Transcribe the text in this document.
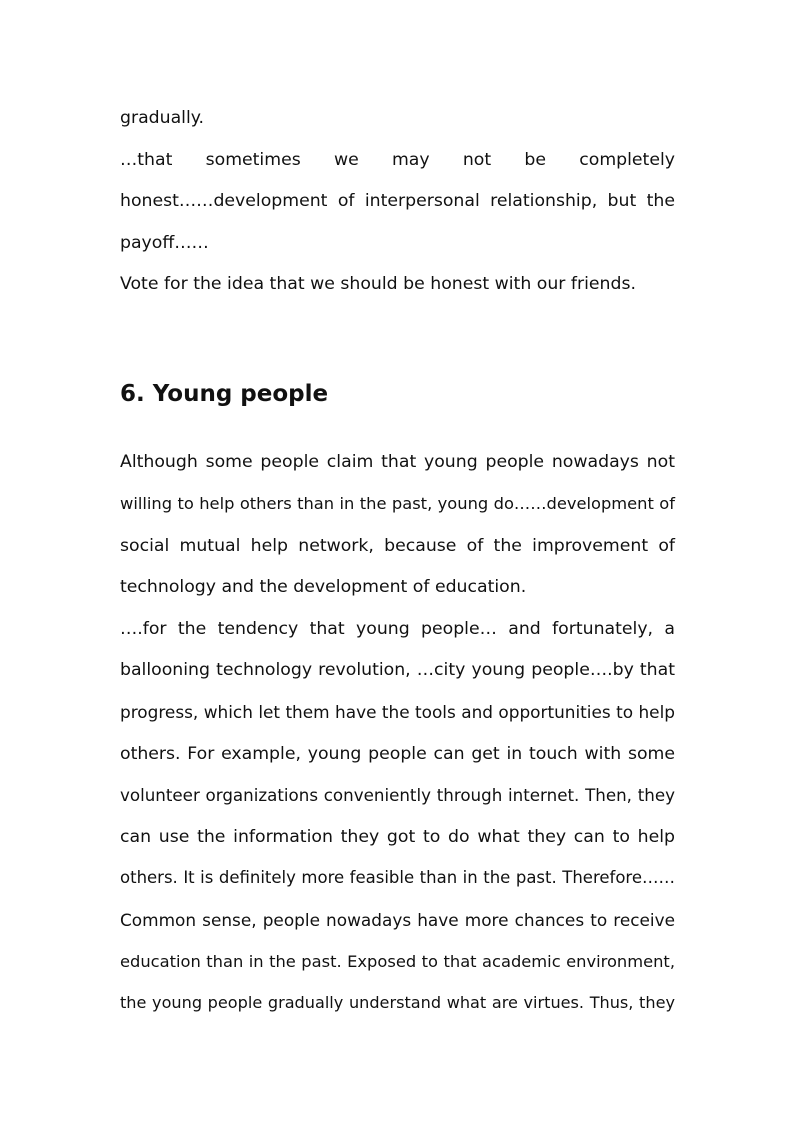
gradually.
…that sometimes we may not be completely
honest……development of interpersonal relationship, but the
payoff……
Vote for the idea that we should be honest with our friends.
6. Young people
Although some people claim that young people nowadays not
willing to help others than in the past, young do……development of
social mutual help network, because of the improvement of
technology and the development of education.
….for the tendency that young people… and fortunately, a
ballooning technology revolution, …city young people….by that
progress, which let them have the tools and opportunities to help
others. For example, young people can get in touch with some
volunteer organizations conveniently through internet. Then, they
can use the information they got to do what they can to help
others. It is definitely more feasible than in the past. Therefore……
Common sense, people nowadays have more chances to receive
education than in the past. Exposed to that academic environment,
the young people gradually understand what are virtues. Thus, they
